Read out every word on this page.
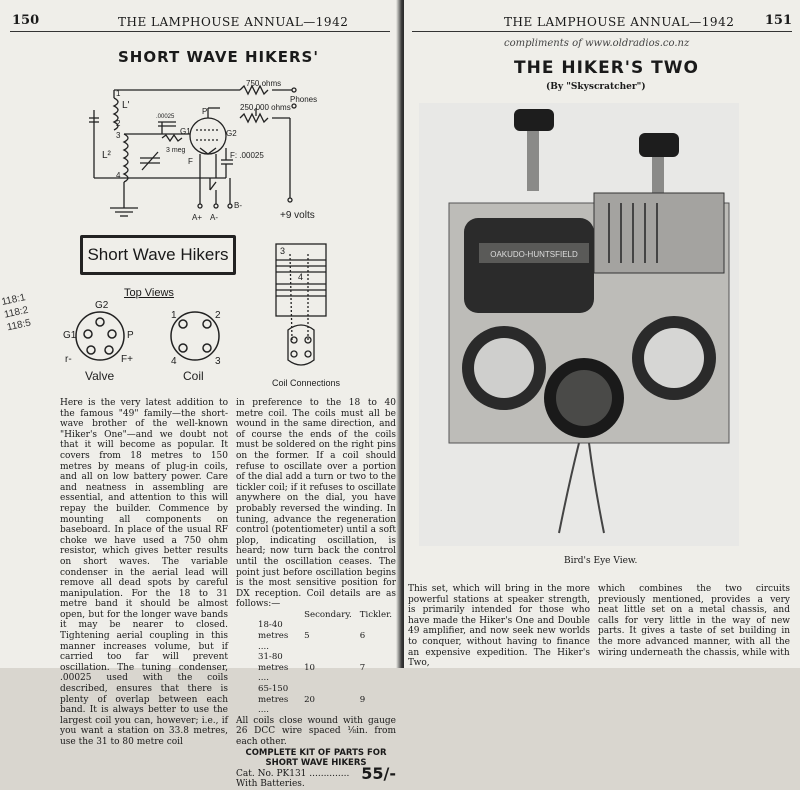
150	THE LAMPHOUSE ANNUAL—1942
SHORT WAVE HIKERS'
750 ohms
Phones
250,000 ohms
L'
L²
.00025
3 meg
G1	G2
P
F
F: .00025
A+ A-
B-
+9 volts
1
3
4
2
Short Wave Hikers
Top Views
G2
G1	P
r-	F+
Valve
1	2
4	3
Coil
3
4
Coil Connections
118:1 118:2 118:5

Here is the very latest addition to the famous "49" family—the short-wave brother of the well-known "Hiker's One"—and we doubt not that it will become as popular. It covers from 18 metres to 150 metres by means of plug-in coils, and all on low battery power. Care and neatness in assembling are essential, and attention to this will repay the builder. Commence by mounting all components on baseboard. In place of the usual RF choke we have used a 750 ohm resistor, which gives better results on short waves. The variable condenser in the aerial lead will remove all dead spots by careful manipulation. For the 18 to 31 metre band it should be almost open, but for the longer wave bands it may be nearer to closed. Tightening aerial coupling in this manner increases volume, but if carried too far will prevent oscillation. The tuning condenser, .00025 used with the coils described, ensures that there is plenty of overlap between each band. It is always better to use the largest coil you can, however; i.e., if you want a station on 33.8 metres, use the 31 to 80 metre coil

in preference to the 18 to 40 metre coil. The coils must all be wound in the same direction, and of course the ends of the coils must be soldered on the right pins on the former. If a coil should refuse to oscillate over a portion of the dial add a turn or two to the tickler coil; if it refuses to oscillate anywhere on the dial, you have probably reversed the winding. In tuning, advance the regeneration control (potentiometer) until a soft plop, indicating oscillation, is heard; now turn back the control until the oscillation ceases. The point just before oscillation begins is the most sensitive position for DX reception. Coil details are as follows:—

	Secondary.	Tickler.
18-40 metres ....	5	6
31-80 metres ....	10	7
65-150 metres ....	20	9

All coils close wound with gauge 26 DCC wire spaced ⅛in. from each other.

COMPLETE KIT OF PARTS FOR SHORT WAVE HIKERS
Cat. No. PK131 .............. 55/-

With Batteries.

THE LAMPHOUSE ANNUAL—1942 151
compliments of www.oldradios.co.nz
THE HIKER'S TWO
(By "Skyscratcher")
OAKUDO-HUNTSFIELD
Bird's Eye View.

This set, which will bring in the more powerful stations at speaker strength, is primarily intended for those who have made the Hiker's One and Double 49 amplifier, and now seek new worlds to conquer, without having to finance an expensive expedition. The Hiker's Two,

which combines the two circuits previously mentioned, provides a very neat little set on a metal chassis, and calls for very little in the way of new parts. It gives a taste of set building in the more advanced manner, with all the wiring underneath the chassis, while with
